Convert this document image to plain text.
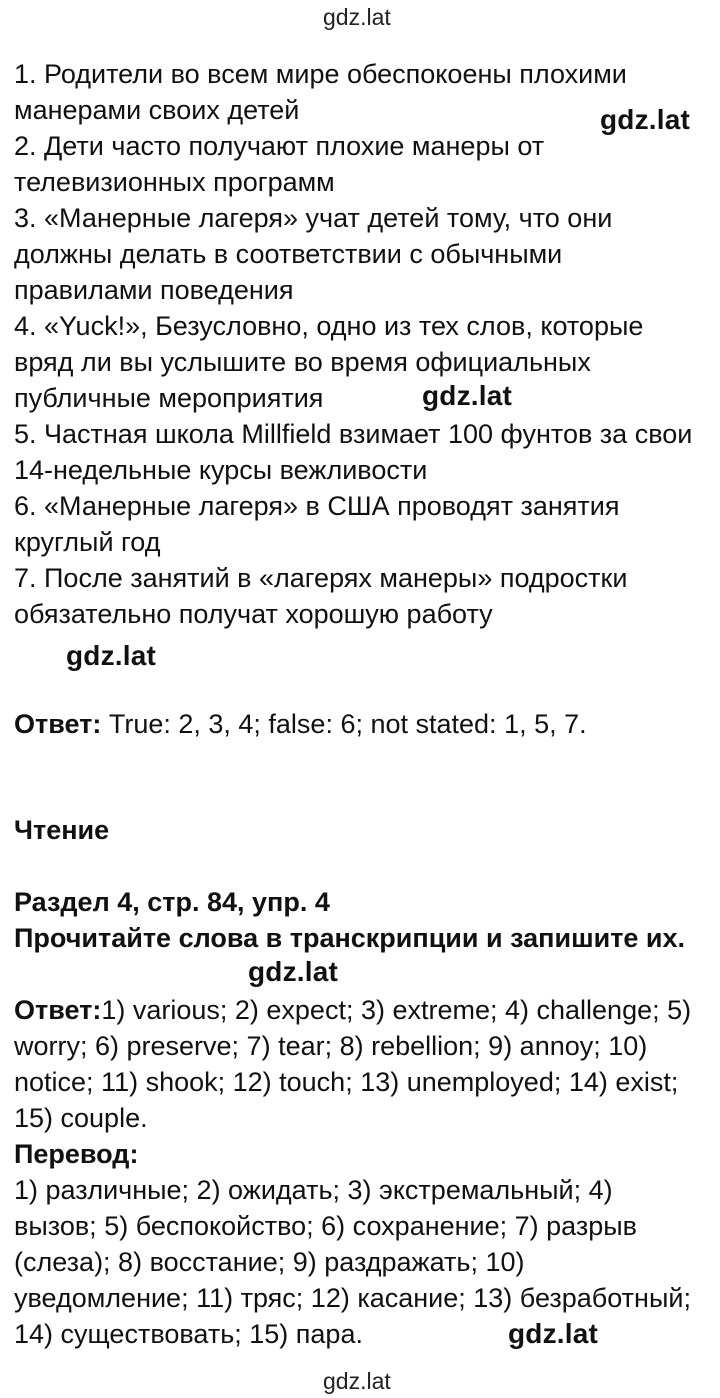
gdz.lat
1. Родители во всем мире обеспокоены плохими
манерами своих детей	gdz.lat
2. Дети часто получают плохие манеры от
телевизионных программ
3. «Манерные лагеря» учат детей тому, что они
должны делать в соответствии с обычными
правилами поведения
4. «Yuck!», Безусловно, одно из тех слов, которые
вряд ли вы услышите во время официальных
публичные мероприятия	gdz.lat
5. Частная школа Millfield взимает 100 фунтов за свои
14-недельные курсы вежливости
6. «Манерные лагеря» в США проводят занятия
круглый год
7. После занятий в «лагерях манеры» подростки
обязательно получат хорошую работу
gdz.lat
Ответ: True: 2, 3, 4; false: 6; not stated: 1, 5, 7.
Чтение
Раздел 4, стр. 84, упр. 4
Прочитайте слова в транскрипции и запишите их.
gdz.lat
Ответ:1) various; 2) expect; 3) extreme; 4) challenge; 5)
worry; 6) preserve; 7) tear; 8) rebellion; 9) annoy; 10)
notice; 11) shook; 12) touch; 13) unemployed; 14) exist;
15) couple.
Перевод:
1) различные; 2) ожидать; 3) экстремальный; 4)
вызов; 5) беспокойство; 6) сохранение; 7) разрыв
(слеза); 8) восстание; 9) раздражать; 10)
уведомление; 11) тряс; 12) касание; 13) безработный;
14) существовать; 15) пара.	gdz.lat
gdz.lat
